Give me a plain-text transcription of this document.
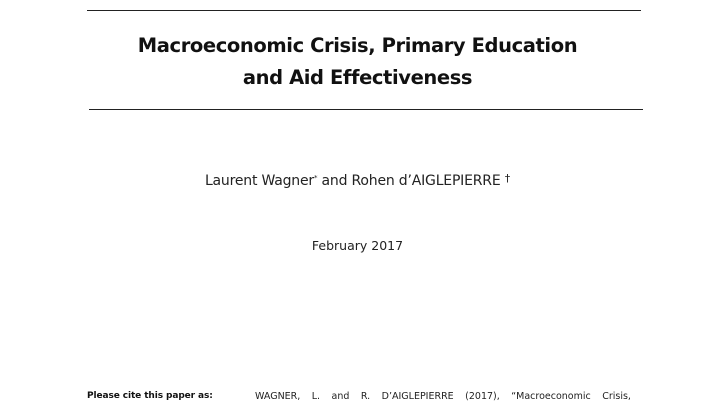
Macroeconomic Crisis, Primary Education
and Aid Effectiveness
Laurent Wagner* and Rohen d’AIGLEPIERRE †
February 2017
Please cite this paper as:	WAGNER, L. and R. D’AIGLEPIERRE (2017), “Macroeconomic Crisis,
